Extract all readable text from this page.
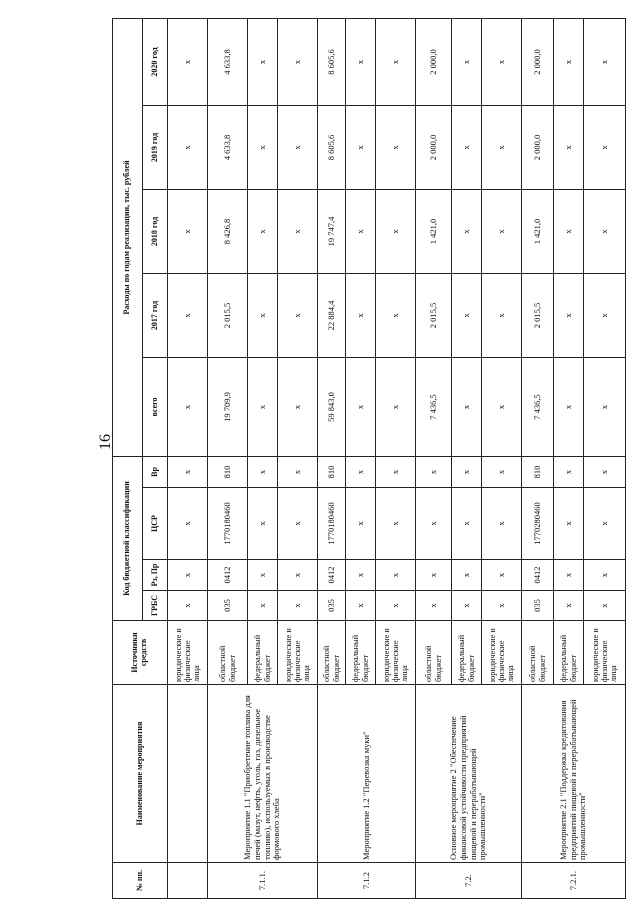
16
№ пп.	Наименование мероприятия	Источники средств	Код бюджетной классификации				Расходы по годам реализации, тыс. рублей				
			ГРБС	Рз, Пр	ЦСР	Вр	всего	2017 год	2018 год	2019 год	2020 год
		юридические и физические лица	x	x	x	x	x	x	x	x	x
7.1.1.	Мероприятие 1.1 "Приобретение топлива для печей (мазут, нефть, уголь, газ, дизельное топливо), используемых в производстве формового хлеба	областной бюджет	035	0412	1770180460	810	19 709,9	2 015,5	8 426,8	4 633,8	4 633,8
		федеральный бюджет	x	x	x	x	x	x	x	x	x
		юридические и физические лица	x	x	x	x	x	x	x	x	x
7.1.2	Мероприятие 1.2 "Перевозка муки"	областной бюджет	035	0412	1770180460	810	59 843,0	22 884,4	19 747,4	8 605,6	8 605,6
		федеральный бюджет	x	x	x	x	x	x	x	x	x
		юридические и физические лица	x	x	x	x	x	x	x	x	x
7.2.	Основное мероприятие 2 "Обеспечение финансовой устойчивости предприятий пищевой и перерабатывающей промышленности"	областной бюджет	x	x	x	x	7 436,5	2 015,5	1 421,0	2 000,0	2 000,0
		федеральный бюджет	x	x	x	x	x	x	x	x	x
		юридические и физические лица	x	x	x	x	x	x	x	x	x
7.2.1.	Мероприятие 2.1 "Поддержка кредитования предприятий пищевой и перерабатывающей промышленности"	областной бюджет	035	0412	1770280460	810	7 436,5	2 015,5	1 421,0	2 000,0	2 000,0
		федеральный бюджет	x	x	x	x	x	x	x	x	x
		юридические и физические лица	x	x	x	x	x	x	x	x	x
